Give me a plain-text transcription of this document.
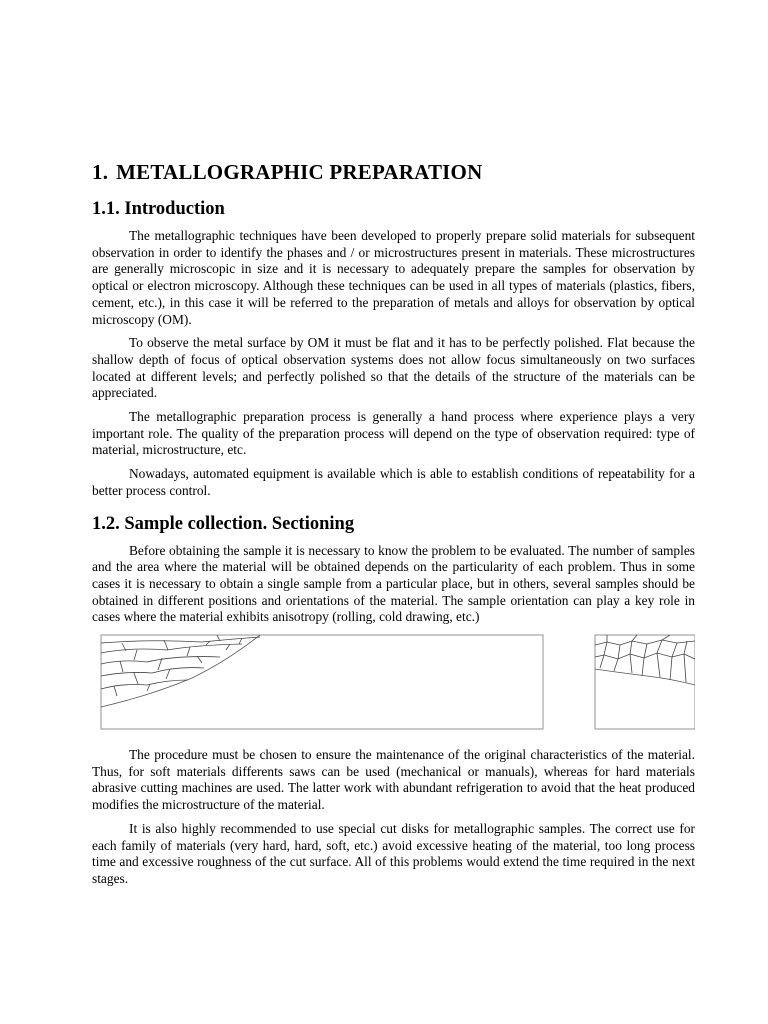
1. METALLOGRAPHIC PREPARATION
1.1. Introduction

The metallographic techniques have been developed to properly prepare solid materials for subsequent observation in order to identify the phases and / or microstructures present in materials. These microstructures are generally microscopic in size and it is necessary to adequately prepare the samples for observation by optical or electron microscopy. Although these techniques can be used in all types of materials (plastics, fibers, cement, etc.), in this case it will be referred to the preparation of metals and alloys for observation by optical microscopy (OM).

To observe the metal surface by OM it must be flat and it has to be perfectly polished. Flat because the shallow depth of focus of optical observation systems does not allow focus simultaneously on two surfaces located at different levels; and perfectly polished so that the details of the structure of the materials can be appreciated.

The metallographic preparation process is generally a hand process where experience plays a very important role. The quality of the preparation process will depend on the type of observation required: type of material, microstructure, etc.

Nowadays, automated equipment is available which is able to establish conditions of repeatability for a better process control.

1.2. Sample collection. Sectioning

Before obtaining the sample it is necessary to know the problem to be evaluated. The number of samples and the area where the material will be obtained depends on the particularity of each problem. Thus in some cases it is necessary to obtain a single sample from a particular place, but in others, several samples should be obtained in different positions and orientations of the material. The sample orientation can play a key role in cases where the material exhibits anisotropy (rolling, cold drawing, etc.)

The procedure must be chosen to ensure the maintenance of the original characteristics of the material. Thus, for soft materials differents saws can be used (mechanical or manuals), whereas for hard materials abrasive cutting machines are used. The latter work with abundant refrigeration to avoid that the heat produced modifies the microstructure of the material.

It is also highly recommended to use special cut disks for metallographic samples. The correct use for each family of materials (very hard, hard, soft, etc.) avoid excessive heating of the material, too long process time and excessive roughness of the cut surface. All of this problems would extend the time required in the next stages.
